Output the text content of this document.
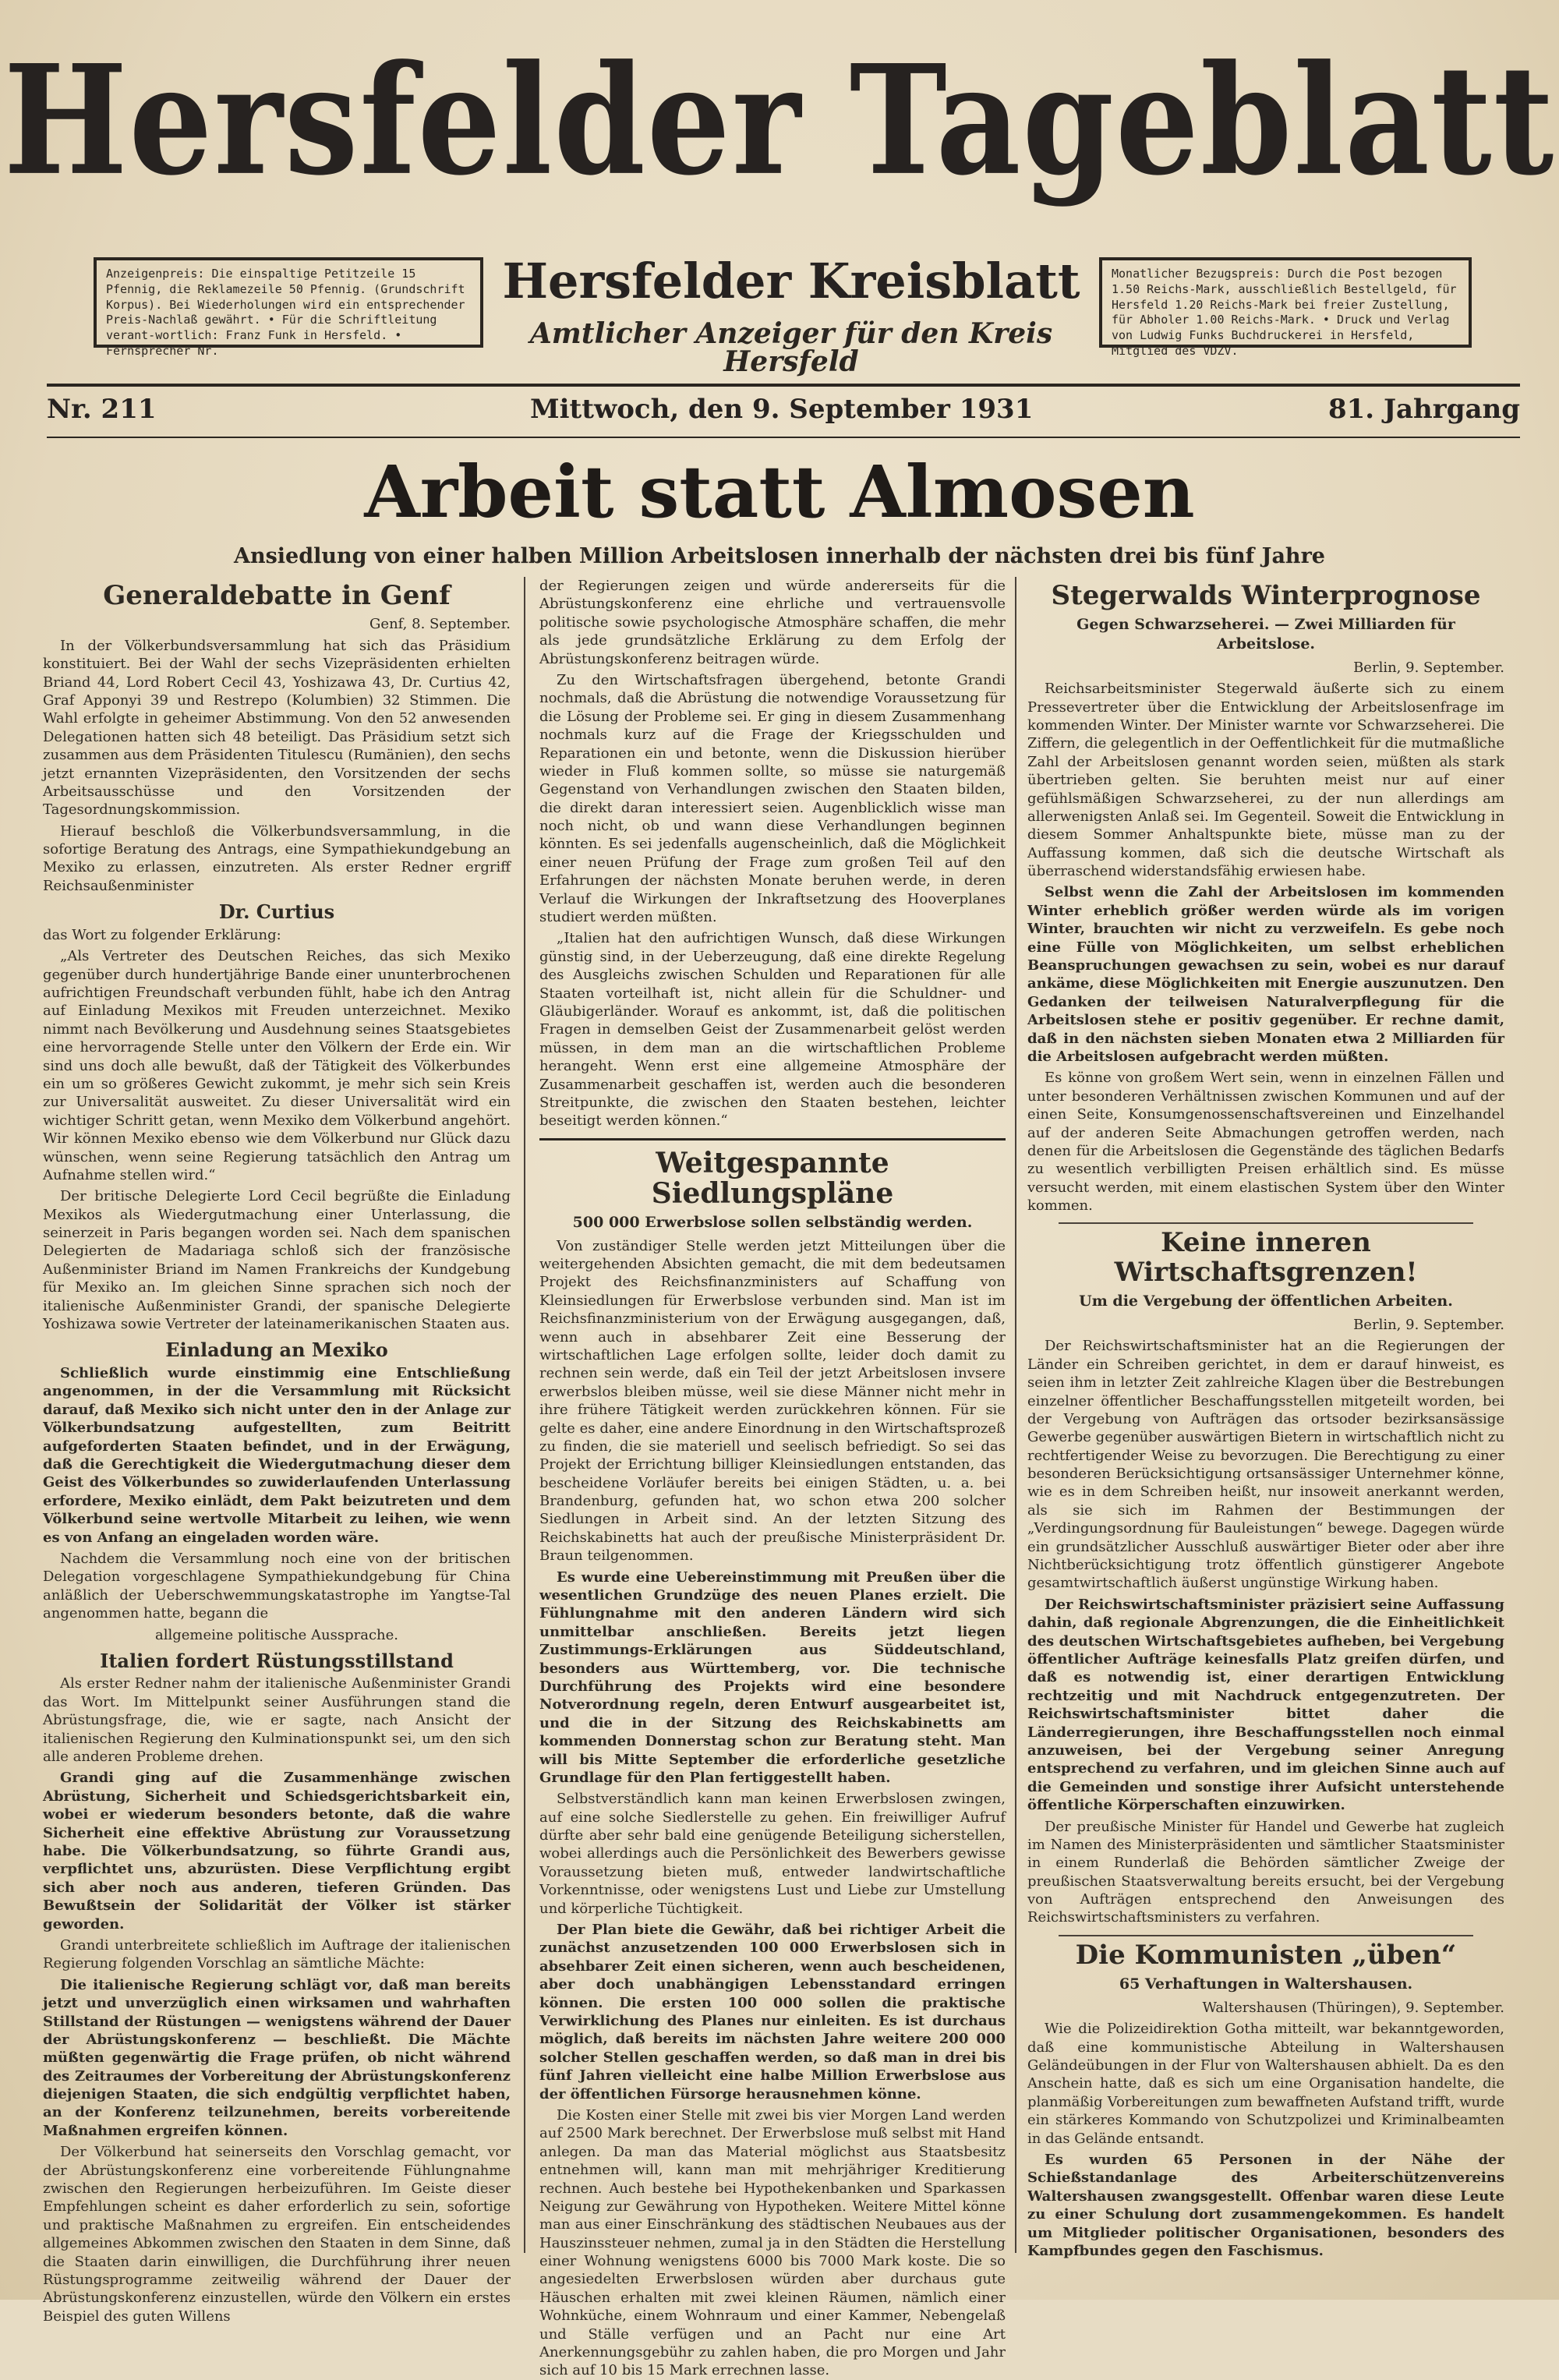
Hersfelder Tageblatt
Anzeigenpreis: Die einspaltige Petitzeile 15 Pfennig, die Reklamezeile 50 Pfennig. (Grundschrift Korpus). Bei Wiederholungen wird ein entsprechender Preis-Nachlaß gewährt. • Für die Schriftleitung verant-wortlich: Franz Funk in Hersfeld. • Fernsprecher Nr.
Hersfelder Kreisblatt
Amtlicher Anzeiger für den Kreis Hersfeld
Monatlicher Bezugspreis: Durch die Post bezogen 1.50 Reichs-Mark, ausschließlich Bestellgeld, für Hersfeld 1.20 Reichs-Mark bei freier Zustellung, für Abholer 1.00 Reichs-Mark. • Druck und Verlag von Ludwig Funks Buchdruckerei in Hersfeld, Mitglied des VDZV.
Nr. 211	Mittwoch, den 9. September 1931	81. Jahrgang
Arbeit statt Almosen
Ansiedlung von einer halben Million Arbeitslosen innerhalb der nächsten drei bis fünf Jahre
Generaldebatte in Genf
Genf, 8. September.

In der Völkerbundsversammlung hat sich das Präsidium konstituiert. Bei der Wahl der sechs Vizepräsidenten erhielten Briand 44, Lord Robert Cecil 43, Yoshizawa 43, Dr. Curtius 42, Graf Apponyi 39 und Restrepo (Kolumbien) 32 Stimmen. Die Wahl erfolgte in geheimer Abstimmung. Von den 52 anwesenden Delegationen hatten sich 48 beteiligt. Das Präsidium setzt sich zusammen aus dem Präsidenten Titulescu (Rumänien), den sechs jetzt ernannten Vizepräsidenten, den Vorsitzenden der sechs Arbeitsausschüsse und den Vorsitzenden der Tagesordnungskommission.

Hierauf beschloß die Völkerbundsversammlung, in die sofortige Beratung des Antrags, eine Sympathiekundgebung an Mexiko zu erlassen, einzutreten. Als erster Redner ergriff Reichsaußenminister

Dr. Curtius

das Wort zu folgender Erklärung:

„Als Vertreter des Deutschen Reiches, das sich Mexiko gegenüber durch hundertjährige Bande einer ununterbrochenen aufrichtigen Freundschaft verbunden fühlt, habe ich den Antrag auf Einladung Mexikos mit Freuden unterzeichnet. Mexiko nimmt nach Bevölkerung und Ausdehnung seines Staatsgebietes eine hervorragende Stelle unter den Völkern der Erde ein. Wir sind uns doch alle bewußt, daß der Tätigkeit des Völkerbundes ein um so größeres Gewicht zukommt, je mehr sich sein Kreis zur Universalität ausweitet. Zu dieser Universalität wird ein wichtiger Schritt getan, wenn Mexiko dem Völkerbund angehört. Wir können Mexiko ebenso wie dem Völkerbund nur Glück dazu wünschen, wenn seine Regierung tatsächlich den Antrag um Aufnahme stellen wird.“

Der britische Delegierte Lord Cecil begrüßte die Einladung Mexikos als Wiedergutmachung einer Unterlassung, die seinerzeit in Paris begangen worden sei. Nach dem spanischen Delegierten de Madariaga schloß sich der französische Außenminister Briand im Namen Frankreichs der Kundgebung für Mexiko an. Im gleichen Sinne sprachen sich noch der italienische Außenminister Grandi, der spanische Delegierte Yoshizawa sowie Vertreter der lateinamerikanischen Staaten aus.

Einladung an Mexiko

Schließlich wurde einstimmig eine Entschließung angenommen, in der die Versammlung mit Rücksicht darauf, daß Mexiko sich nicht unter den in der Anlage zur Völkerbundsatzung aufgestellten, zum Beitritt aufgeforderten Staaten befindet, und in der Erwägung, daß die Gerechtigkeit die Wiedergutmachung dieser dem Geist des Völkerbundes so zuwiderlaufenden Unterlassung erfordere, Mexiko einlädt, dem Pakt beizutreten und dem Völkerbund seine wertvolle Mitarbeit zu leihen, wie wenn es von Anfang an eingeladen worden wäre.

Nachdem die Versammlung noch eine von der britischen Delegation vorgeschlagene Sympathiekundgebung für China anläßlich der Ueberschwemmungskatastrophe im Yangtse-Tal angenommen hatte, begann die

allgemeine politische Aussprache.

Italien fordert Rüstungsstillstand

Als erster Redner nahm der italienische Außenminister Grandi das Wort. Im Mittelpunkt seiner Ausführungen stand die Abrüstungsfrage, die, wie er sagte, nach Ansicht der italienischen Regierung den Kulminationspunkt sei, um den sich alle anderen Probleme drehen.

Grandi ging auf die Zusammenhänge zwischen Abrüstung, Sicherheit und Schiedsgerichtsbarkeit ein, wobei er wiederum besonders betonte, daß die wahre Sicherheit eine effektive Abrüstung zur Voraussetzung habe. Die Völkerbundsatzung, so führte Grandi aus, verpflichtet uns, abzurüsten. Diese Verpflichtung ergibt sich aber noch aus anderen, tieferen Gründen. Das Bewußtsein der Solidarität der Völker ist stärker geworden.

Grandi unterbreitete schließlich im Auftrage der italienischen Regierung folgenden Vorschlag an sämtliche Mächte:

Die italienische Regierung schlägt vor, daß man bereits jetzt und unverzüglich einen wirksamen und wahrhaften Stillstand der Rüstungen — wenigstens während der Dauer der Abrüstungskonferenz — beschließt. Die Mächte müßten gegenwärtig die Frage prüfen, ob nicht während des Zeitraumes der Vorbereitung der Abrüstungskonferenz diejenigen Staaten, die sich endgültig verpflichtet haben, an der Konferenz teilzunehmen, bereits vorbereitende Maßnahmen ergreifen können.

Der Völkerbund hat seinerseits den Vorschlag gemacht, vor der Abrüstungskonferenz eine vorbereitende Fühlungnahme zwischen den Regierungen herbeizuführen. Im Geiste dieser Empfehlungen scheint es daher erforderlich zu sein, sofortige und praktische Maßnahmen zu ergreifen. Ein entscheidendes allgemeines Abkommen zwischen den Staaten in dem Sinne, daß die Staaten darin einwilligen, die Durchführung ihrer neuen Rüstungsprogramme zeitweilig während der Dauer der Abrüstungskonferenz einzustellen, würde den Völkern ein erstes Beispiel des guten Willens

der Regierungen zeigen und würde andererseits für die Abrüstungskonferenz eine ehrliche und vertrauensvolle politische sowie psychologische Atmosphäre schaffen, die mehr als jede grundsätzliche Erklärung zu dem Erfolg der Abrüstungskonferenz beitragen würde.

Zu den Wirtschaftsfragen übergehend, betonte Grandi nochmals, daß die Abrüstung die notwendige Voraussetzung für die Lösung der Probleme sei. Er ging in diesem Zusammenhang nochmals kurz auf die Frage der Kriegsschulden und Reparationen ein und betonte, wenn die Diskussion hierüber wieder in Fluß kommen sollte, so müsse sie naturgemäß Gegenstand von Verhandlungen zwischen den Staaten bilden, die direkt daran interessiert seien. Augenblicklich wisse man noch nicht, ob und wann diese Verhandlungen beginnen könnten. Es sei jedenfalls augenscheinlich, daß die Möglichkeit einer neuen Prüfung der Frage zum großen Teil auf den Erfahrungen der nächsten Monate beruhen werde, in deren Verlauf die Wirkungen der Inkraftsetzung des Hooverplanes studiert werden müßten.

„Italien hat den aufrichtigen Wunsch, daß diese Wirkungen günstig sind, in der Ueberzeugung, daß eine direkte Regelung des Ausgleichs zwischen Schulden und Reparationen für alle Staaten vorteilhaft ist, nicht allein für die Schuldner- und Gläubigerländer. Worauf es ankommt, ist, daß die politischen Fragen in demselben Geist der Zusammenarbeit gelöst werden müssen, in dem man an die wirtschaftlichen Probleme herangeht. Wenn erst eine allgemeine Atmosphäre der Zusammenarbeit geschaffen ist, werden auch die besonderen Streitpunkte, die zwischen den Staaten bestehen, leichter beseitigt werden können.“

Weitgespannte Siedlungspläne
500 000 Erwerbslose sollen selbständig werden.

Von zuständiger Stelle werden jetzt Mitteilungen über die weitergehenden Absichten gemacht, die mit dem bedeutsamen Projekt des Reichsfinanzministers auf Schaffung von Kleinsiedlungen für Erwerbslose verbunden sind. Man ist im Reichsfinanzministerium von der Erwägung ausgegangen, daß, wenn auch in absehbarer Zeit eine Besserung der wirtschaftlichen Lage erfolgen sollte, leider doch damit zu rechnen sein werde, daß ein Teil der jetzt Arbeitslosen invsere erwerbslos bleiben müsse, weil sie diese Männer nicht mehr in ihre frühere Tätigkeit werden zurückkehren können. Für sie gelte es daher, eine andere Einordnung in den Wirtschaftsprozeß zu finden, die sie materiell und seelisch befriedigt. So sei das Projekt der Errichtung billiger Kleinsiedlungen entstanden, das bescheidene Vorläufer bereits bei einigen Städten, u. a. bei Brandenburg, gefunden hat, wo schon etwa 200 solcher Siedlungen in Arbeit sind. An der letzten Sitzung des Reichskabinetts hat auch der preußische Ministerpräsident Dr. Braun teilgenommen.

Es wurde eine Uebereinstimmung mit Preußen über die wesentlichen Grundzüge des neuen Planes erzielt. Die Fühlungnahme mit den anderen Ländern wird sich unmittelbar anschließen. Bereits jetzt liegen Zustimmungs-Erklärungen aus Süddeutschland, besonders aus Württemberg, vor. Die technische Durchführung des Projekts wird eine besondere Notverordnung regeln, deren Entwurf ausgearbeitet ist, und die in der Sitzung des Reichskabinetts am kommenden Donnerstag schon zur Beratung steht. Man will bis Mitte September die erforderliche gesetzliche Grundlage für den Plan fertiggestellt haben.

Selbstverständlich kann man keinen Erwerbslosen zwingen, auf eine solche Siedlerstelle zu gehen. Ein freiwilliger Aufruf dürfte aber sehr bald eine genügende Beteiligung sicherstellen, wobei allerdings auch die Persönlichkeit des Bewerbers gewisse Voraussetzung bieten muß, entweder landwirtschaftliche Vorkenntnisse, oder wenigstens Lust und Liebe zur Umstellung und körperliche Tüchtigkeit.

Der Plan biete die Gewähr, daß bei richtiger Arbeit die zunächst anzusetzenden 100 000 Erwerbslosen sich in absehbarer Zeit einen sicheren, wenn auch bescheidenen, aber doch unabhängigen Lebensstandard erringen können. Die ersten 100 000 sollen die praktische Verwirklichung des Planes nur einleiten. Es ist durchaus möglich, daß bereits im nächsten Jahre weitere 200 000 solcher Stellen geschaffen werden, so daß man in drei bis fünf Jahren vielleicht eine halbe Million Erwerbslose aus der öffentlichen Fürsorge herausnehmen könne.

Die Kosten einer Stelle mit zwei bis vier Morgen Land werden auf 2500 Mark berechnet. Der Erwerbslose muß selbst mit Hand anlegen. Da man das Material möglichst aus Staatsbesitz entnehmen will, kann man mit mehrjähriger Kreditierung rechnen. Auch bestehe bei Hypothekenbanken und Sparkassen Neigung zur Gewährung von Hypotheken. Weitere Mittel könne man aus einer Einschränkung des städtischen Neubaues aus der Hauszinssteuer nehmen, zumal ja in den Städten die Herstellung einer Wohnung wenigstens 6000 bis 7000 Mark koste. Die so angesiedelten Erwerbslosen würden aber durchaus gute Häuschen erhalten mit zwei kleinen Räumen, nämlich einer Wohnküche, einem Wohnraum und einer Kammer, Nebengelaß und Ställe verfügen und an Pacht nur eine Art Anerkennungsgebühr zu zahlen haben, die pro Morgen und Jahr sich auf 10 bis 15 Mark errechnen lasse.

Stegerwalds Winterprognose
Gegen Schwarzseherei. — Zwei Milliarden für Arbeitslose.
Berlin, 9. September.

Reichsarbeitsminister Stegerwald äußerte sich zu einem Pressevertreter über die Entwicklung der Arbeitslosenfrage im kommenden Winter. Der Minister warnte vor Schwarzseherei. Die Ziffern, die gelegentlich in der Oeffentlichkeit für die mutmaßliche Zahl der Arbeitslosen genannt worden seien, müßten als stark übertrieben gelten. Sie beruhten meist nur auf einer gefühlsmäßigen Schwarzseherei, zu der nun allerdings am allerwenigsten Anlaß sei. Im Gegenteil. Soweit die Entwicklung in diesem Sommer Anhaltspunkte biete, müsse man zu der Auffassung kommen, daß sich die deutsche Wirtschaft als überraschend widerstandsfähig erwiesen habe.

Selbst wenn die Zahl der Arbeitslosen im kommenden Winter erheblich größer werden würde als im vorigen Winter, brauchten wir nicht zu verzweifeln. Es gebe noch eine Fülle von Möglichkeiten, um selbst erheblichen Beanspruchungen gewachsen zu sein, wobei es nur darauf ankäme, diese Möglichkeiten mit Energie auszunutzen. Den Gedanken der teilweisen Naturalverpflegung für die Arbeitslosen stehe er positiv gegenüber. Er rechne damit, daß in den nächsten sieben Monaten etwa 2 Milliarden für die Arbeitslosen aufgebracht werden müßten.

Es könne von großem Wert sein, wenn in einzelnen Fällen und unter besonderen Verhältnissen zwischen Kommunen und auf der einen Seite, Konsumgenossenschaftsvereinen und Einzelhandel auf der anderen Seite Abmachungen getroffen werden, nach denen für die Arbeitslosen die Gegenstände des täglichen Bedarfs zu wesentlich verbilligten Preisen erhältlich sind. Es müsse versucht werden, mit einem elastischen System über den Winter kommen.

Keine inneren Wirtschaftsgrenzen!
Um die Vergebung der öffentlichen Arbeiten.
Berlin, 9. September.

Der Reichswirtschaftsminister hat an die Regierungen der Länder ein Schreiben gerichtet, in dem er darauf hinweist, es seien ihm in letzter Zeit zahlreiche Klagen über die Bestrebungen einzelner öffentlicher Beschaffungsstellen mitgeteilt worden, bei der Vergebung von Aufträgen das ortsoder bezirksansässige Gewerbe gegenüber auswärtigen Bietern in wirtschaftlich nicht zu rechtfertigender Weise zu bevorzugen. Die Berechtigung zu einer besonderen Berücksichtigung ortsansässiger Unternehmer könne, wie es in dem Schreiben heißt, nur insoweit anerkannt werden, als sie sich im Rahmen der Bestimmungen der „Verdingungsordnung für Bauleistungen“ bewege. Dagegen würde ein grundsätzlicher Ausschluß auswärtiger Bieter oder aber ihre Nichtberücksichtigung trotz öffentlich günstigerer Angebote gesamtwirtschaftlich äußerst ungünstige Wirkung haben.

Der Reichswirtschaftsminister präzisiert seine Auffassung dahin, daß regionale Abgrenzungen, die die Einheitlichkeit des deutschen Wirtschaftsgebietes aufheben, bei Vergebung öffentlicher Aufträge keinesfalls Platz greifen dürfen, und daß es notwendig ist, einer derartigen Entwicklung rechtzeitig und mit Nachdruck entgegenzutreten. Der Reichswirtschaftsminister bittet daher die Länderregierungen, ihre Beschaffungsstellen noch einmal anzuweisen, bei der Vergebung seiner Anregung entsprechend zu verfahren, und im gleichen Sinne auch auf die Gemeinden und sonstige ihrer Aufsicht unterstehende öffentliche Körperschaften einzuwirken.

Der preußische Minister für Handel und Gewerbe hat zugleich im Namen des Ministerpräsidenten und sämtlicher Staatsminister in einem Runderlaß die Behörden sämtlicher Zweige der preußischen Staatsverwaltung bereits ersucht, bei der Vergebung von Aufträgen entsprechend den Anweisungen des Reichswirtschaftsministers zu verfahren.

Die Kommunisten „üben“
65 Verhaftungen in Waltershausen.
Waltershausen (Thüringen), 9. September.

Wie die Polizeidirektion Gotha mitteilt, war bekanntgeworden, daß eine kommunistische Abteilung in Waltershausen Geländeübungen in der Flur von Waltershausen abhielt. Da es den Anschein hatte, daß es sich um eine Organisation handelte, die planmäßig Vorbereitungen zum bewaffneten Aufstand trifft, wurde ein stärkeres Kommando von Schutzpolizei und Kriminalbeamten in das Gelände entsandt.

Es wurden 65 Personen in der Nähe der Schießstandanlage des Arbeiterschützenvereins Waltershausen zwangsgestellt. Offenbar waren diese Leute zu einer Schulung dort zusammengekommen. Es handelt um Mitglieder politischer Organisationen, besonders des Kampfbundes gegen den Faschismus.
